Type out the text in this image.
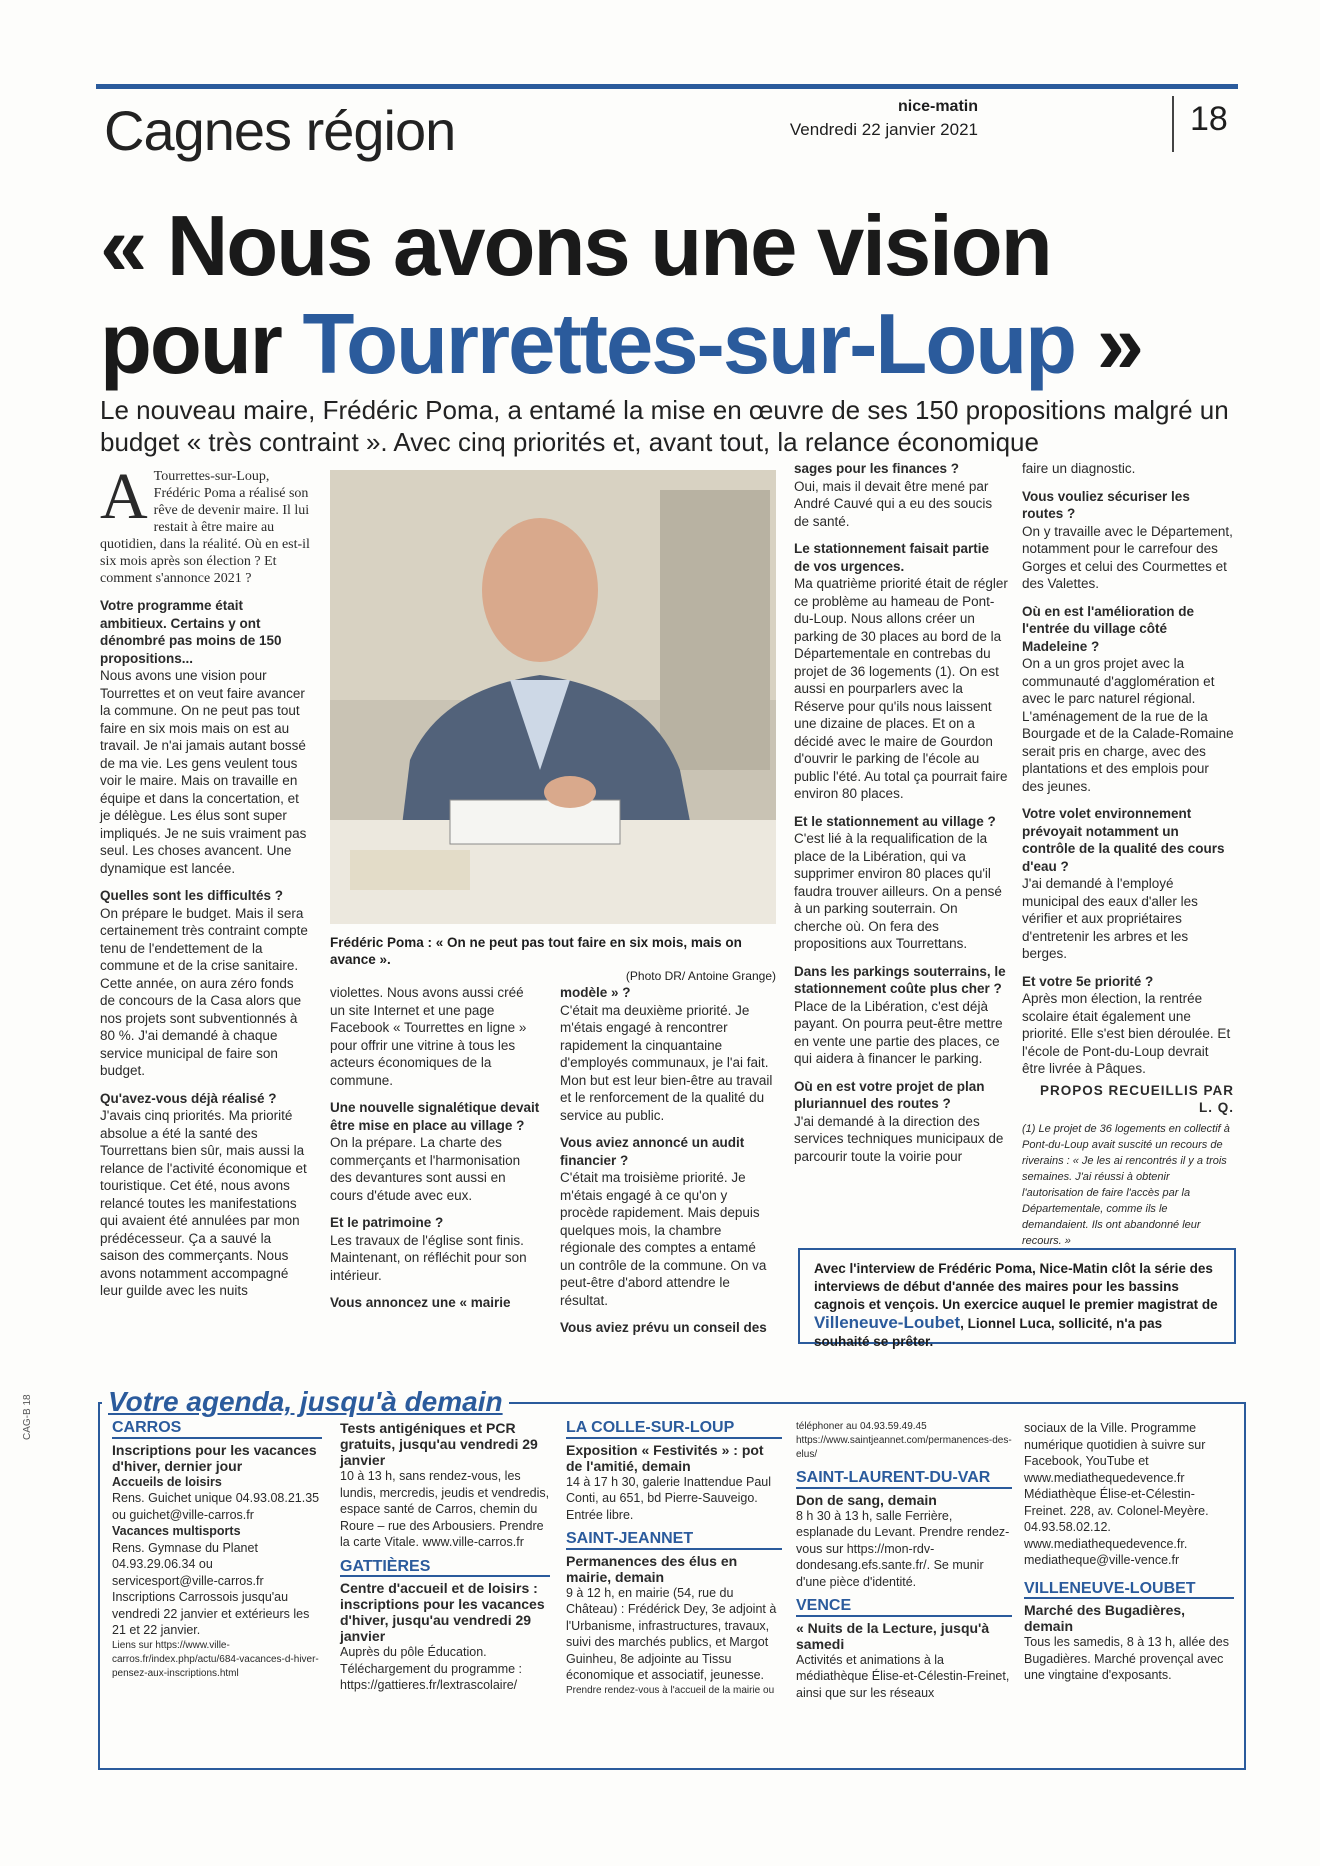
Cagnes région	nice-matin
Vendredi 22 janvier 2021	18
« Nous avons une vision
pour Tourrettes-sur-Loup »
Le nouveau maire, Frédéric Poma, a entamé la mise en œuvre de ses 150 propositions malgré un budget « très contraint ». Avec cinq priorités et, avant tout, la relance économique

A Tourrettes-sur-Loup, Frédéric Poma a réalisé son rêve de devenir maire. Il lui restait à être maire au quotidien, dans la réalité. Où en est-il six mois après son élection ? Et comment s'annonce 2021 ?

Votre programme était ambitieux. Certains y ont dénombré pas moins de 150 propositions...
Nous avons une vision pour Tourrettes et on veut faire avancer la commune. On ne peut pas tout faire en six mois mais on est au travail. Je n'ai jamais autant bossé de ma vie. Les gens veulent tous voir le maire. Mais on travaille en équipe et dans la concertation, et je délègue. Les élus sont super impliqués. Je ne suis vraiment pas seul. Les choses avancent. Une dynamique est lancée.

Quelles sont les difficultés ?
On prépare le budget. Mais il sera certainement très contraint compte tenu de l'endettement de la commune et de la crise sanitaire. Cette année, on aura zéro fonds de concours de la Casa alors que nos projets sont subventionnés à 80 %. J'ai demandé à chaque service municipal de faire son budget.

Qu'avez-vous déjà réalisé ?
J'avais cinq priorités. Ma priorité absolue a été la santé des Tourrettans bien sûr, mais aussi la relance de l'activité économique et touristique. Cet été, nous avons relancé toutes les manifestations qui avaient été annulées par mon prédécesseur. Ça a sauvé la saison des commerçants. Nous avons notamment accompagné leur guilde avec les nuits

Frédéric Poma : « On ne peut pas tout faire en six mois, mais on avance ».
(Photo DR/ Antoine Grange)

violettes. Nous avons aussi créé un site Internet et une page Facebook « Tourrettes en ligne » pour offrir une vitrine à tous les acteurs économiques de la commune.

Une nouvelle signalétique devait être mise en place au village ?
On la prépare. La charte des commerçants et l'harmonisation des devantures sont aussi en cours d'étude avec eux.

Et le patrimoine ?
Les travaux de l'église sont finis. Maintenant, on réfléchit pour son intérieur.

Vous annoncez une « mairie

modèle » ?
C'était ma deuxième priorité. Je m'étais engagé à rencontrer rapidement la cinquantaine d'employés communaux, je l'ai fait. Mon but est leur bien-être au travail et le renforcement de la qualité du service au public.

Vous aviez annoncé un audit financier ?
C'était ma troisième priorité. Je m'étais engagé à ce qu'on y procède rapidement. Mais depuis quelques mois, la chambre régionale des comptes a entamé un contrôle de la commune. On va peut-être d'abord attendre le résultat.

Vous aviez prévu un conseil des

sages pour les finances ?
Oui, mais il devait être mené par André Cauvé qui a eu des soucis de santé.

Le stationnement faisait partie de vos urgences.
Ma quatrième priorité était de régler ce problème au hameau de Pont-du-Loup. Nous allons créer un parking de 30 places au bord de la Départementale en contrebas du projet de 36 logements (1). On est aussi en pourparlers avec la Réserve pour qu'ils nous laissent une dizaine de places. Et on a décidé avec le maire de Gourdon d'ouvrir le parking de l'école au public l'été. Au total ça pourrait faire environ 80 places.

Et le stationnement au village ?
C'est lié à la requalification de la place de la Libération, qui va supprimer environ 80 places qu'il faudra trouver ailleurs. On a pensé à un parking souterrain. On cherche où. On fera des propositions aux Tourrettans.

Dans les parkings souterrains, le stationnement coûte plus cher ?
Place de la Libération, c'est déjà payant. On pourra peut-être mettre en vente une partie des places, ce qui aidera à financer le parking.

Où en est votre projet de plan pluriannuel des routes ?
J'ai demandé à la direction des services techniques municipaux de parcourir toute la voirie pour

faire un diagnostic.

Vous vouliez sécuriser les routes ?
On y travaille avec le Département, notamment pour le carrefour des Gorges et celui des Courmettes et des Valettes.

Où en est l'amélioration de l'entrée du village côté Madeleine ?
On a un gros projet avec la communauté d'agglomération et avec le parc naturel régional. L'aménagement de la rue de la Bourgade et de la Calade-Romaine serait pris en charge, avec des plantations et des emplois pour des jeunes.

Votre volet environnement prévoyait notamment un contrôle de la qualité des cours d'eau ?
J'ai demandé à l'employé municipal des eaux d'aller les vérifier et aux propriétaires d'entretenir les arbres et les berges.

Et votre 5e priorité ?
Après mon élection, la rentrée scolaire était également une priorité. Elle s'est bien déroulée. Et l'école de Pont-du-Loup devrait être livrée à Pâques.

PROPOS RECUEILLIS PAR L. Q.

(1) Le projet de 36 logements en collectif à Pont-du-Loup avait suscité un recours de riverains : « Je les ai rencontrés il y a trois semaines. J'ai réussi à obtenir l'autorisation de faire l'accès par la Départementale, comme ils le demandaient. Ils ont abandonné leur recours. »

Avec l'interview de Frédéric Poma, Nice-Matin clôt la série des interviews de début d'année des maires pour les bassins cagnois et vençois. Un exercice auquel le premier magistrat de Villeneuve-Loubet, Lionnel Luca, sollicité, n'a pas souhaité se prêter.
Votre agenda, jusqu'à demain
CARROS
Inscriptions pour les vacances d'hiver, dernier jour
Accueils de loisirs
Rens. Guichet unique 04.93.08.21.35 ou guichet@ville-carros.fr
Vacances multisports
Rens. Gymnase du Planet 04.93.29.06.34 ou servicesport@ville-carros.fr Inscriptions Carrossois jusqu'au vendredi 22 janvier et extérieurs les 21 et 22 janvier.
Liens sur https://www.ville-carros.fr/index.php/actu/684-vacances-d-hiver-pensez-aux-inscriptions.html
Tests antigéniques et PCR gratuits, jusqu'au vendredi 29 janvier
10 à 13 h, sans rendez-vous, les lundis, mercredis, jeudis et vendredis, espace santé de Carros, chemin du Roure – rue des Arbousiers. Prendre la carte Vitale. www.ville-carros.fr
GATTIÈRES
Centre d'accueil et de loisirs : inscriptions pour les vacances d'hiver, jusqu'au vendredi 29 janvier
Auprès du pôle Éducation. Téléchargement du programme : https://gattieres.fr/lextrascolaire/
LA COLLE-SUR-LOUP
Exposition « Festivités » : pot de l'amitié, demain
14 à 17 h 30, galerie Inattendue Paul Conti, au 651, bd Pierre-Sauveigo. Entrée libre.
SAINT-JEANNET
Permanences des élus en mairie, demain
9 à 12 h, en mairie (54, rue du Château) : Frédérick Dey, 3e adjoint à l'Urbanisme, infrastructures, travaux, suivi des marchés publics, et Margot Guinheu, 8e adjointe au Tissu économique et associatif, jeunesse.
Prendre rendez-vous à l'accueil de la mairie ou
téléphoner au 04.93.59.49.45 https://www.saintjeannet.com/permanences-des-elus/
SAINT-LAURENT-DU-VAR
Don de sang, demain
8 h 30 à 13 h, salle Ferrière, esplanade du Levant. Prendre rendez-vous sur https://mon-rdv-dondesang.efs.sante.fr/. Se munir d'une pièce d'identité.
VENCE
« Nuits de la Lecture, jusqu'à samedi
Activités et animations à la médiathèque Élise-et-Célestin-Freinet, ainsi que sur les réseaux
sociaux de la Ville. Programme numérique quotidien à suivre sur Facebook, YouTube et www.mediathequedevence.fr Médiathèque Élise-et-Célestin-Freinet. 228, av. Colonel-Meyère. 04.93.58.02.12. www.mediathequedevence.fr. mediatheque@ville-vence.fr
VILLENEUVE-LOUBET
Marché des Bugadières, demain
Tous les samedis, 8 à 13 h, allée des Bugadières. Marché provençal avec une vingtaine d'exposants.
CAG-B 18
